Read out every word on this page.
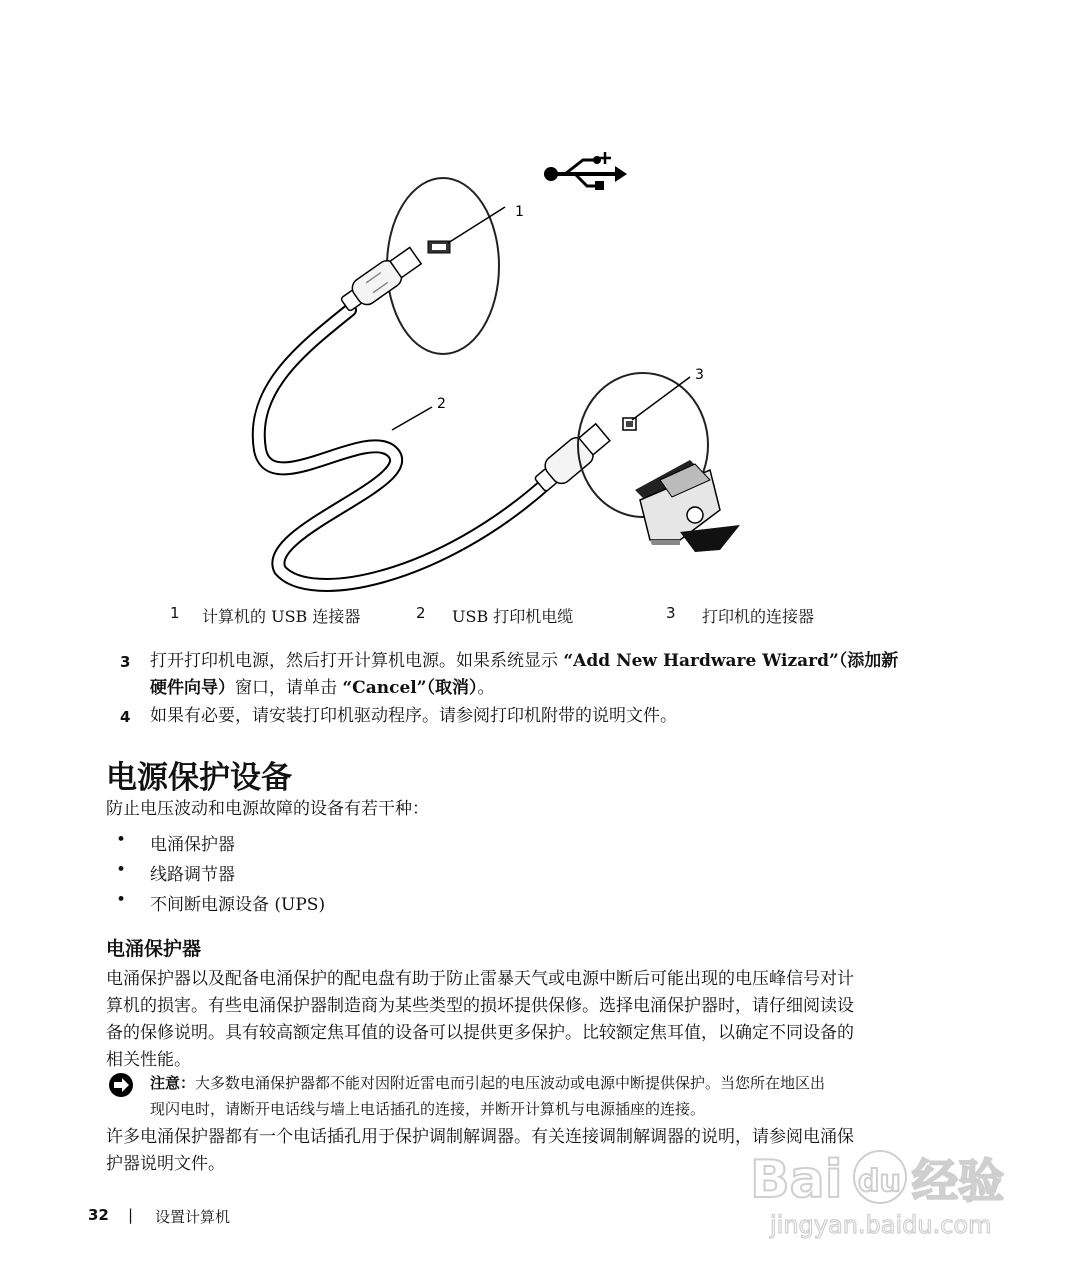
1
2
3
1 计算机的 USB 连接器	2 USB 打印机电缆	3 打印机的连接器
3 打开打印机电源，然后打开计算机电源。如果系统显示 “Add New Hardware Wizard”（添加新
硬件向导）窗口，请单击 “Cancel”（取消）。
4 如果有必要，请安装打印机驱动程序。请参阅打印机附带的说明文件。
电源保护设备

防止电压波动和电源故障的设备有若干种：

• 电涌保护器
• 线路调节器
• 不间断电源设备 (UPS)
电涌保护器
电涌保护器以及配备电涌保护的配电盘有助于防止雷暴天气或电源中断后可能出现的电压峰信号对计
算机的损害。有些电涌保护器制造商为某些类型的损坏提供保修。选择电涌保护器时，请仔细阅读设
备的保修说明。具有较高额定焦耳值的设备可以提供更多保护。比较额定焦耳值，以确定不同设备的
相关性能。
注意：大多数电涌保护器都不能对因附近雷电而引起的电压波动或电源中断提供保护。当您所在地区出
现闪电时，请断开电话线与墙上电话插孔的连接，并断开计算机与电源插座的连接。
许多电涌保护器都有一个电话插孔用于保护调制解调器。有关连接调制解调器的说明，请参阅电涌保
护器说明文件。	Bai du 经验
jingyan.baidu.com
32 | 设置计算机
